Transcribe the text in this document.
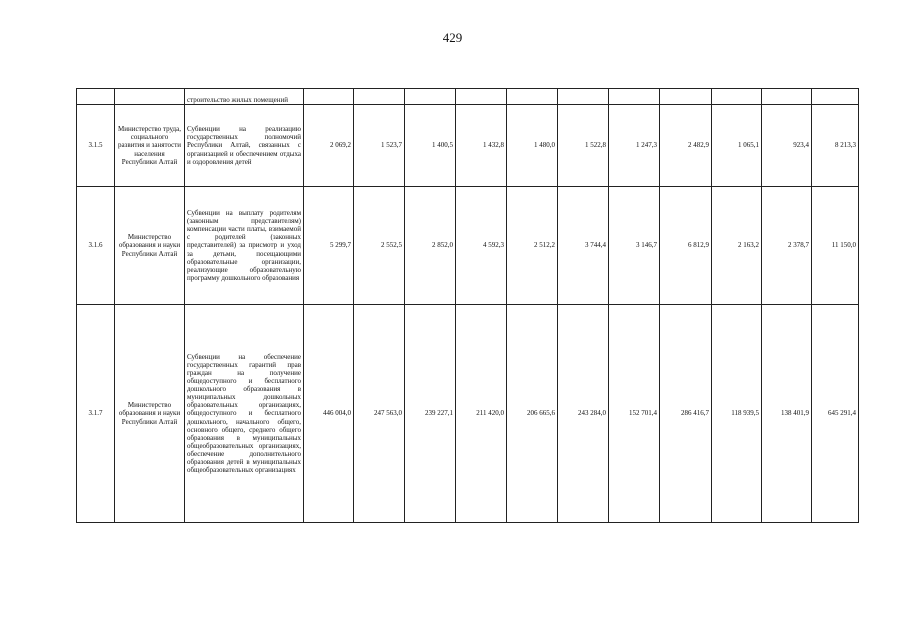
429
		строительство жилых помещений											
3.1.5	Министерство труда, социального развития и занятости населения Республики Алтай	Субвенции на реализацию государственных полномочий Республики Алтай, связанных с организацией и обеспечением отдыха и оздоровления детей	2 069,2	1 523,7	1 400,5	1 432,8	1 480,0	1 522,8	1 247,3	2 482,9	1 065,1	923,4	8 213,3
3.1.6	Министерство образования и науки Республики Алтай	Субвенции на выплату родителям (законным представителям) компенсации части платы, взимаемой с родителей (законных представителей) за присмотр и уход за детьми, посещающими образовательные организации, реализующие образовательную программу дошкольного образования	5 299,7	2 552,5	2 852,0	4 592,3	2 512,2	3 744,4	3 146,7	6 812,9	2 163,2	2 378,7	11 150,0
3.1.7	Министерство образования и науки Республики Алтай	Субвенции на обеспечение государственных гарантий прав граждан на получение общедоступного и бесплатного дошкольного образования в муниципальных дошкольных образовательных организациях, общедоступного и бесплатного дошкольного, начального общего, основного общего, среднего общего образования в муниципальных общеобразовательных организациях, обеспечение дополнительного образования детей в муниципальных общеобразовательных организациях	446 004,0	247 563,0	239 227,1	211 420,0	206 665,6	243 284,0	152 701,4	286 416,7	118 939,5	138 401,9	645 291,4
